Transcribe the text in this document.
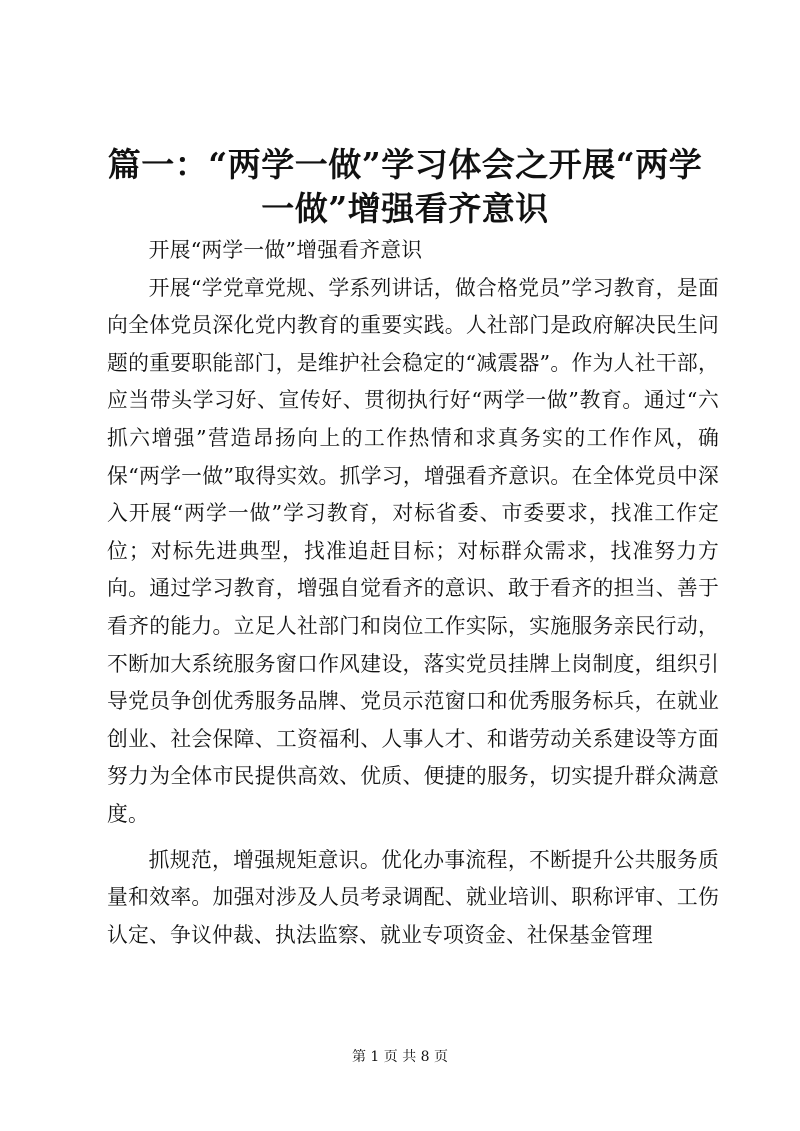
篇一：“两学一做”学习体会之开展“两学一做”增强看齐意识

开展“两学一做”增强看齐意识

开展“学党章党规、学系列讲话，做合格党员”学习教育，是面向全体党员深化党内教育的重要实践。人社部门是政府解决民生问题的重要职能部门，是维护社会稳定的“减震器”。作为人社干部，应当带头学习好、宣传好、贯彻执行好“两学一做”教育。通过“六抓六增强”营造昂扬向上的工作热情和求真务实的工作作风，确保“两学一做”取得实效。抓学习，增强看齐意识。在全体党员中深入开展“两学一做”学习教育，对标省委、市委要求，找准工作定位；对标先进典型，找准追赶目标；对标群众需求，找准努力方向。通过学习教育，增强自觉看齐的意识、敢于看齐的担当、善于看齐的能力。立足人社部门和岗位工作实际，实施服务亲民行动，不断加大系统服务窗口作风建设，落实党员挂牌上岗制度，组织引导党员争创优秀服务品牌、党员示范窗口和优秀服务标兵，在就业创业、社会保障、工资福利、人事人才、和谐劳动关系建设等方面努力为全体市民提供高效、优质、便捷的服务，切实提升群众满意度。

抓规范，增强规矩意识。优化办事流程，不断提升公共服务质量和效率。加强对涉及人员考录调配、就业培训、职称评审、工伤认定、争议仲裁、执法监察、就业专项资金、社保基金管理

第 1 页 共 8 页
